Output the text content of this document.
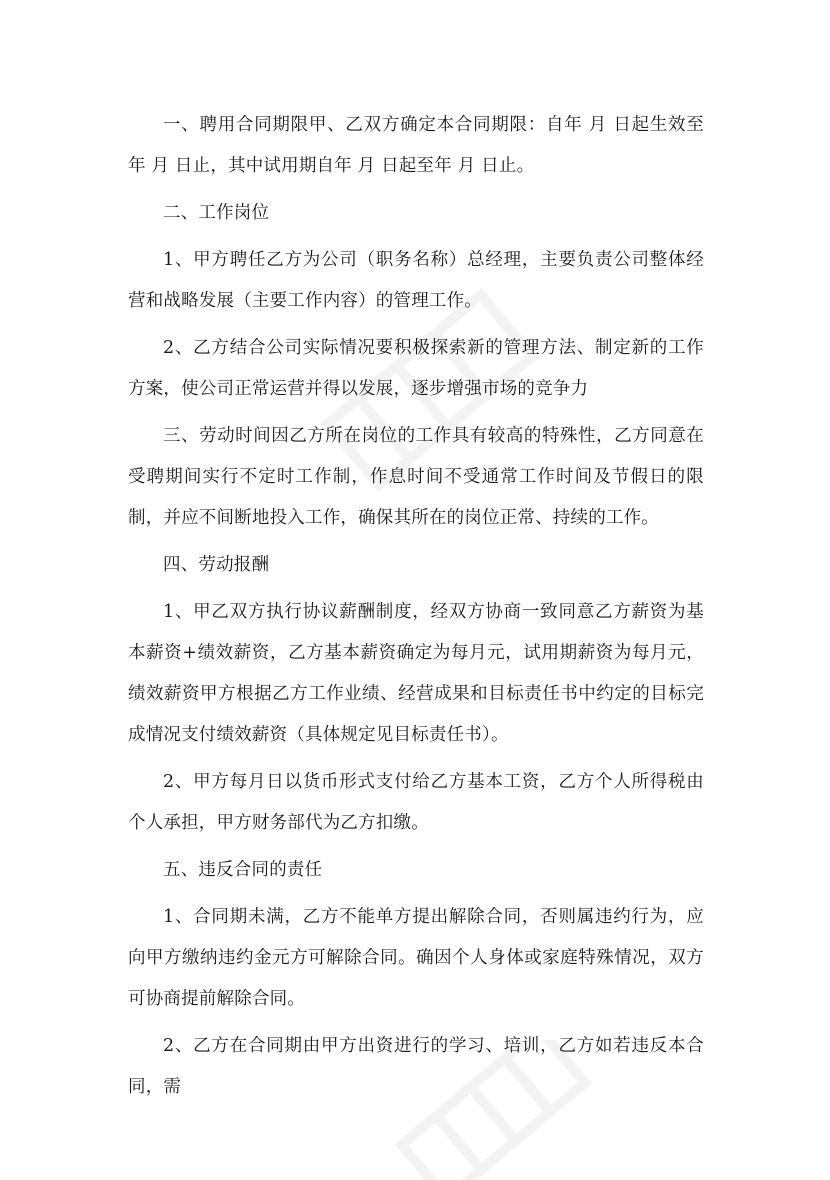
一、聘用合同期限甲、乙双方确定本合同期限：自年 月 日起生效至年 月 日止，其中试用期自年 月 日起至年 月 日止。

二、工作岗位

1、甲方聘任乙方为公司（职务名称）总经理，主要负责公司整体经营和战略发展（主要工作内容）的管理工作。

2、乙方结合公司实际情况要积极探索新的管理方法、制定新的工作方案，使公司正常运营并得以发展，逐步增强市场的竞争力

三、劳动时间因乙方所在岗位的工作具有较高的特殊性，乙方同意在受聘期间实行不定时工作制，作息时间不受通常工作时间及节假日的限制，并应不间断地投入工作，确保其所在的岗位正常、持续的工作。

四、劳动报酬

1、甲乙双方执行协议薪酬制度，经双方协商一致同意乙方薪资为基本薪资+绩效薪资，乙方基本薪资确定为每月元，试用期薪资为每月元，绩效薪资甲方根据乙方工作业绩、经营成果和目标责任书中约定的目标完成情况支付绩效薪资（具体规定见目标责任书）。

2、甲方每月日以货币形式支付给乙方基本工资，乙方个人所得税由个人承担，甲方财务部代为乙方扣缴。

五、违反合同的责任

1、合同期未满，乙方不能单方提出解除合同，否则属违约行为，应向甲方缴纳违约金元方可解除合同。确因个人身体或家庭特殊情况，双方可协商提前解除合同。

2、乙方在合同期由甲方出资进行的学习、培训，乙方如若违反本合同，需
